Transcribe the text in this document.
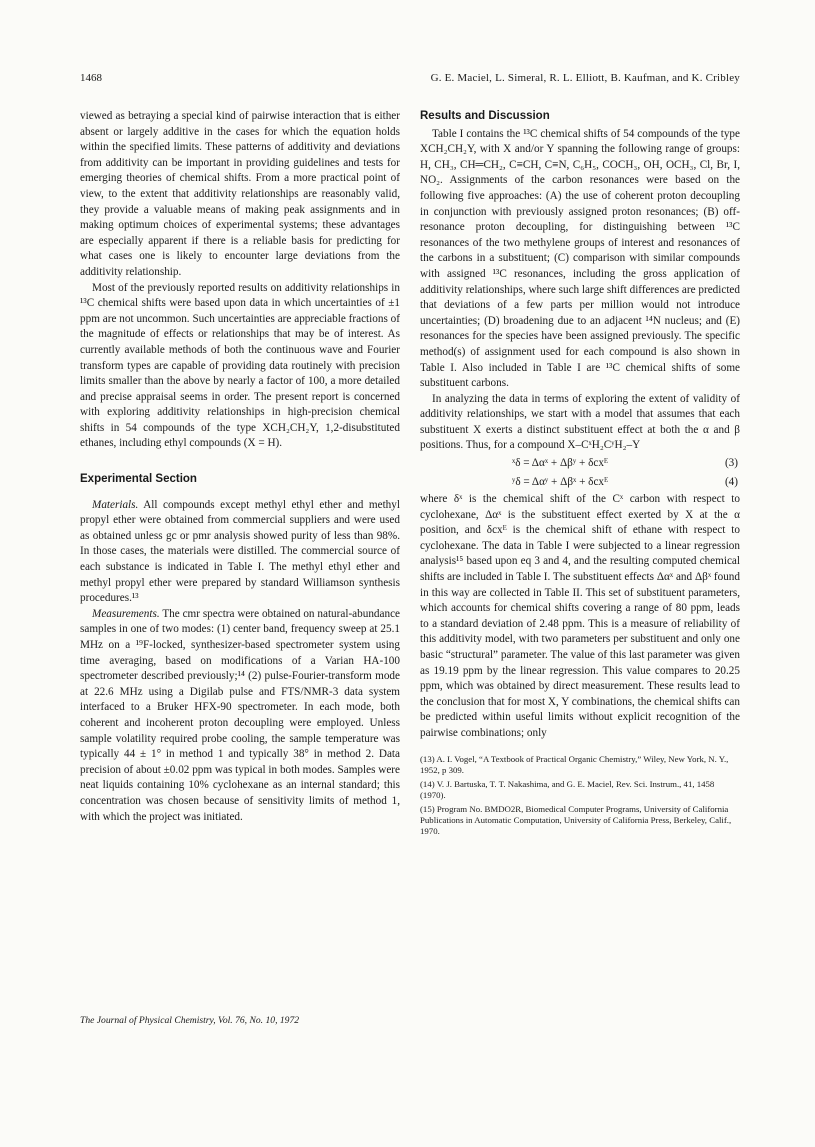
1468	G. E. Maciel, L. Simeral, R. L. Elliott, B. Kaufman, and K. Cribley

viewed as betraying a special kind of pairwise interaction that is either absent or largely additive in the cases for which the equation holds within the specified limits. These patterns of additivity and deviations from additivity can be important in providing guidelines and tests for emerging theories of chemical shifts. From a more practical point of view, to the extent that additivity relationships are reasonably valid, they provide a valuable means of making peak assignments and in making optimum choices of experimental systems; these advantages are especially apparent if there is a reliable basis for predicting for what cases one is likely to encounter large deviations from the additivity relationship.

Most of the previously reported results on additivity relationships in ¹³C chemical shifts were based upon data in which uncertainties of ±1 ppm are not uncommon. Such uncertainties are appreciable fractions of the magnitude of effects or relationships that may be of interest. As currently available methods of both the continuous wave and Fourier transform types are capable of providing data routinely with precision limits smaller than the above by nearly a factor of 100, a more detailed and precise appraisal seems in order. The present report is concerned with exploring additivity relationships in high-precision chemical shifts in 54 compounds of the type XCH₂CH₂Y, 1,2-disubstituted ethanes, including ethyl compounds (X = H).

Experimental Section

Materials. All compounds except methyl ethyl ether and methyl propyl ether were obtained from commercial suppliers and were used as obtained unless gc or pmr analysis showed purity of less than 98%. In those cases, the materials were distilled. The commercial source of each substance is indicated in Table I. The methyl ethyl ether and methyl propyl ether were prepared by standard Williamson synthesis procedures.¹³

Measurements. The cmr spectra were obtained on natural-abundance samples in one of two modes: (1) center band, frequency sweep at 25.1 MHz on a ¹⁹F-locked, synthesizer-based spectrometer system using time averaging, based on modifications of a Varian HA-100 spectrometer described previously;¹⁴ (2) pulse-Fourier-transform mode at 22.6 MHz using a Digilab pulse and FTS/NMR-3 data system interfaced to a Bruker HFX-90 spectrometer. In each mode, both coherent and incoherent proton decoupling were employed. Unless sample volatility required probe cooling, the sample temperature was typically 44 ± 1° in method 1 and typically 38° in method 2. Data precision of about ±0.02 ppm was typical in both modes. Samples were neat liquids containing 10% cyclohexane as an internal standard; this concentration was chosen because of sensitivity limits of method 1, with which the project was initiated.

Results and Discussion

Table I contains the ¹³C chemical shifts of 54 compounds of the type XCH₂CH₂Y, with X and/or Y spanning the following range of groups: H, CH₃, CH═CH₂, C≡CH, C≡N, C₆H₅, COCH₃, OH, OCH₃, Cl, Br, I, NO₂. Assignments of the carbon resonances were based on the following five approaches: (A) the use of coherent proton decoupling in conjunction with previously assigned proton resonances; (B) off-resonance proton decoupling, for distinguishing between ¹³C resonances of the two methylene groups of interest and resonances of the carbons in a substituent; (C) comparison with similar compounds with assigned ¹³C resonances, including the gross application of additivity relationships, where such large shift differences are predicted that deviations of a few parts per million would not introduce uncertainties; (D) broadening due to an adjacent ¹⁴N nucleus; and (E) resonances for the species have been assigned previously. The specific method(s) of assignment used for each compound is also shown in Table I. Also included in Table I are ¹³C chemical shifts of some substituent carbons.

In analyzing the data in terms of exploring the extent of validity of additivity relationships, we start with a model that assumes that each substituent X exerts a distinct substituent effect at both the α and β positions. Thus, for a compound X–CˣH₂CʸH₂–Y

ˣδ = Δαˣ + Δβʸ + δcxᴱ	(3)
ʸδ = Δαʸ + Δβˣ + δcxᴱ	(4)

where δˣ is the chemical shift of the Cˣ carbon with respect to cyclohexane, Δαˣ is the substituent effect exerted by X at the α position, and δcxᴱ is the chemical shift of ethane with respect to cyclohexane. The data in Table I were subjected to a linear regression analysis¹⁵ based upon eq 3 and 4, and the resulting computed chemical shifts are included in Table I. The substituent effects Δαˣ and Δβˣ found in this way are collected in Table II. This set of substituent parameters, which accounts for chemical shifts covering a range of 80 ppm, leads to a standard deviation of 2.48 ppm. This is a measure of reliability of this additivity model, with two parameters per substituent and only one basic “structural” parameter. The value of this last parameter was given as 19.19 ppm by the linear regression. This value compares to 20.25 ppm, which was obtained by direct measurement. These results lead to the conclusion that for most X, Y combinations, the chemical shifts can be predicted within useful limits without explicit recognition of the pairwise combinations; only

(13) A. I. Vogel, “A Textbook of Practical Organic Chemistry,” Wiley, New York, N. Y., 1952, p 309.
(14) V. J. Bartuska, T. T. Nakashima, and G. E. Maciel, Rev. Sci. Instrum., 41, 1458 (1970).
(15) Program No. BMDO2R, Biomedical Computer Programs, University of California Publications in Automatic Computation, University of California Press, Berkeley, Calif., 1970.
The Journal of Physical Chemistry, Vol. 76, No. 10, 1972
